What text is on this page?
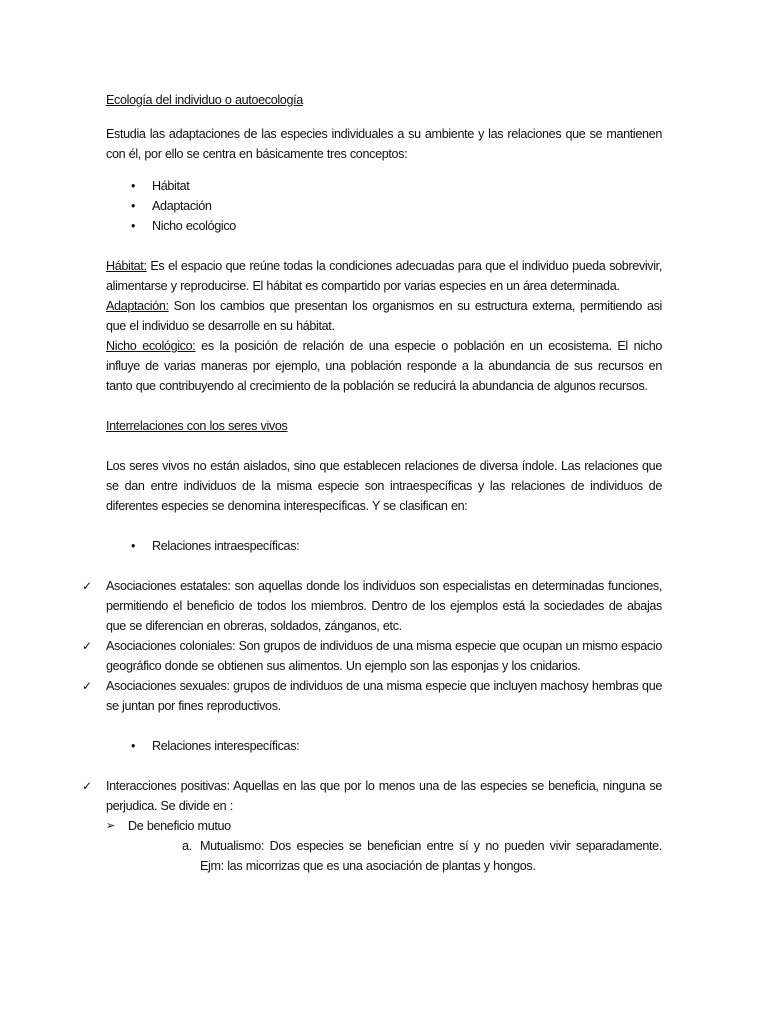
Ecología del individuo o autoecología

Estudia las adaptaciones de las especies individuales a su ambiente y las relaciones que se mantienen con él, por ello se centra en básicamente tres conceptos:

• Hábitat
• Adaptación
• Nicho ecológico

Hábitat: Es el espacio que reúne todas la condiciones adecuadas para que el individuo pueda sobrevivir, alimentarse y reproducirse. El hábitat es compartido por varias especies en un área determinada.

Adaptación: Son los cambios que presentan los organismos en su estructura externa, permitiendo asi que el individuo se desarrolle en su hábitat.

Nicho ecológico: es la posición de relación de una especie o población en un ecosistema. El nicho influye de varias maneras por ejemplo, una población responde a la abundancia de sus recursos en tanto que contribuyendo al crecimiento de la población se reducirá la abundancia de algunos recursos.

Interrelaciones con los seres vivos

Los seres vivos no están aislados, sino que establecen relaciones de diversa índole. Las relaciones que se dan entre individuos de la misma especie son intraespecíficas y las relaciones de individuos de diferentes especies se denomina interespecíficas. Y se clasifican en:

• Relaciones intraespecíficas:
✓ Asociaciones estatales: son aquellas donde los individuos son especialistas en determinadas funciones, permitiendo el beneficio de todos los miembros. Dentro de los ejemplos está la sociedades de abajas que se diferencian en obreras, soldados, zánganos, etc.
✓ Asociaciones coloniales: Son grupos de individuos de una misma especie que ocupan un mismo espacio geográfico donde se obtienen sus alimentos. Un ejemplo son las esponjas y los cnidarios.
✓ Asociaciones sexuales: grupos de individuos de una misma especie que incluyen machosy hembras que se juntan por fines reproductivos.
• Relaciones interespecíficas:
✓ Interacciones positivas: Aquellas en las que por lo menos una de las especies se beneficia, ninguna se perjudica. Se divide en :
➢ De beneficio mutuo
a. Mutualismo: Dos especies se benefician entre sí y no pueden vivir separadamente. Ejm: las micorrizas que es una asociación de plantas y hongos.
